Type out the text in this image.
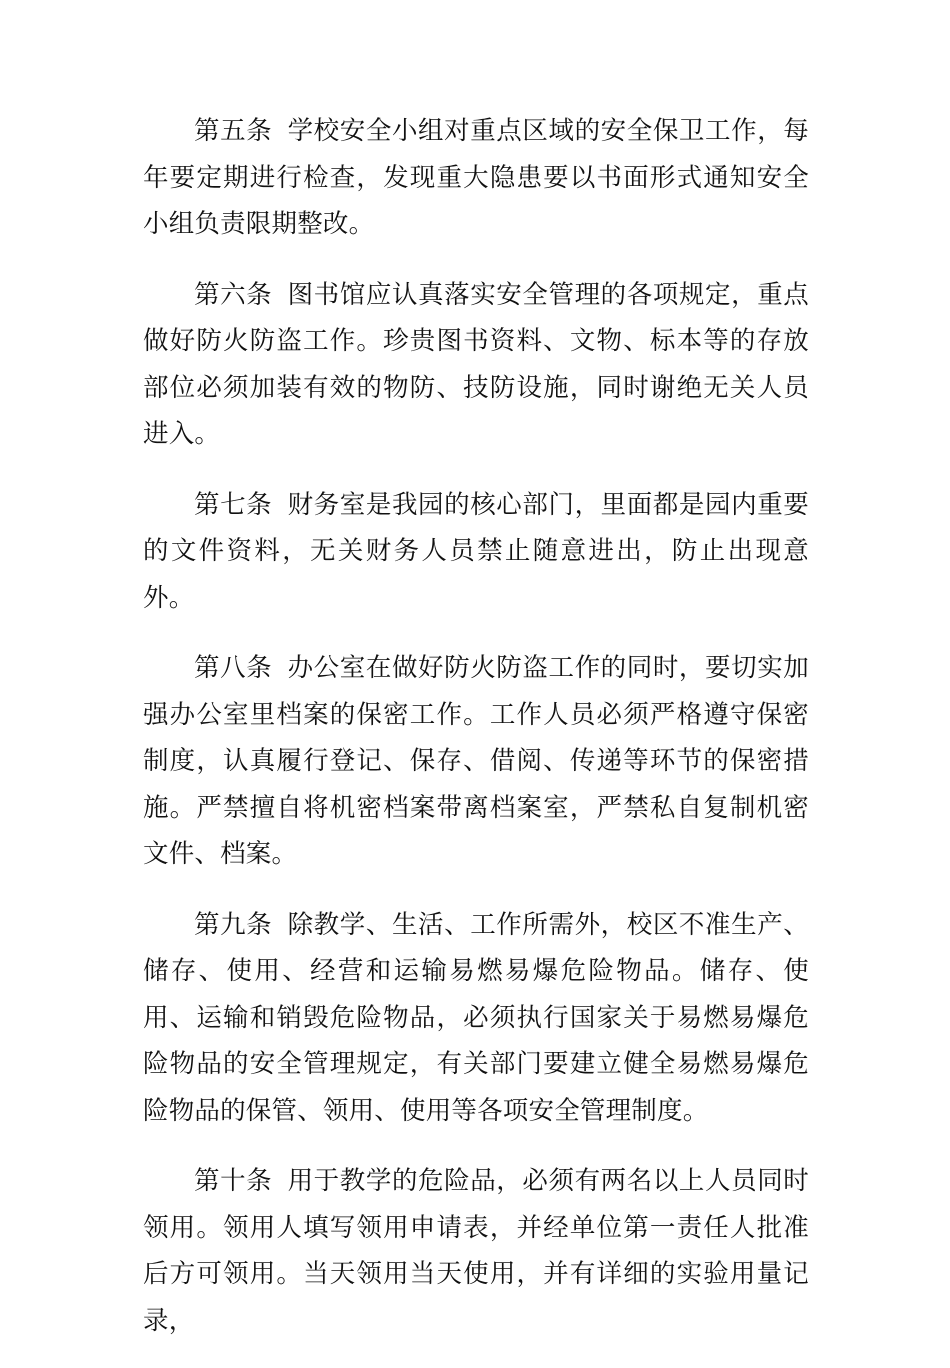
第五条 学校安全小组对重点区域的安全保卫工作，每年要定期进行检查，发现重大隐患要以书面形式通知安全小组负责限期整改。

第六条 图书馆应认真落实安全管理的各项规定，重点做好防火防盗工作。珍贵图书资料、文物、标本等的存放部位必须加装有效的物防、技防设施，同时谢绝无关人员进入。

第七条 财务室是我园的核心部门，里面都是园内重要的文件资料，无关财务人员禁止随意进出，防止出现意外。

第八条 办公室在做好防火防盗工作的同时，要切实加强办公室里档案的保密工作。工作人员必须严格遵守保密制度，认真履行登记、保存、借阅、传递等环节的保密措施。严禁擅自将机密档案带离档案室，严禁私自复制机密文件、档案。

第九条 除教学、生活、工作所需外，校区不准生产、储存、使用、经营和运输易燃易爆危险物品。储存、使用、运输和销毁危险物品，必须执行国家关于易燃易爆危险物品的安全管理规定，有关部门要建立健全易燃易爆危险物品的保管、领用、使用等各项安全管理制度。

第十条 用于教学的危险品，必须有两名以上人员同时领用。领用人填写领用申请表，并经单位第一责任人批准后方可领用。当天领用当天使用，并有详细的实验用量记录，
